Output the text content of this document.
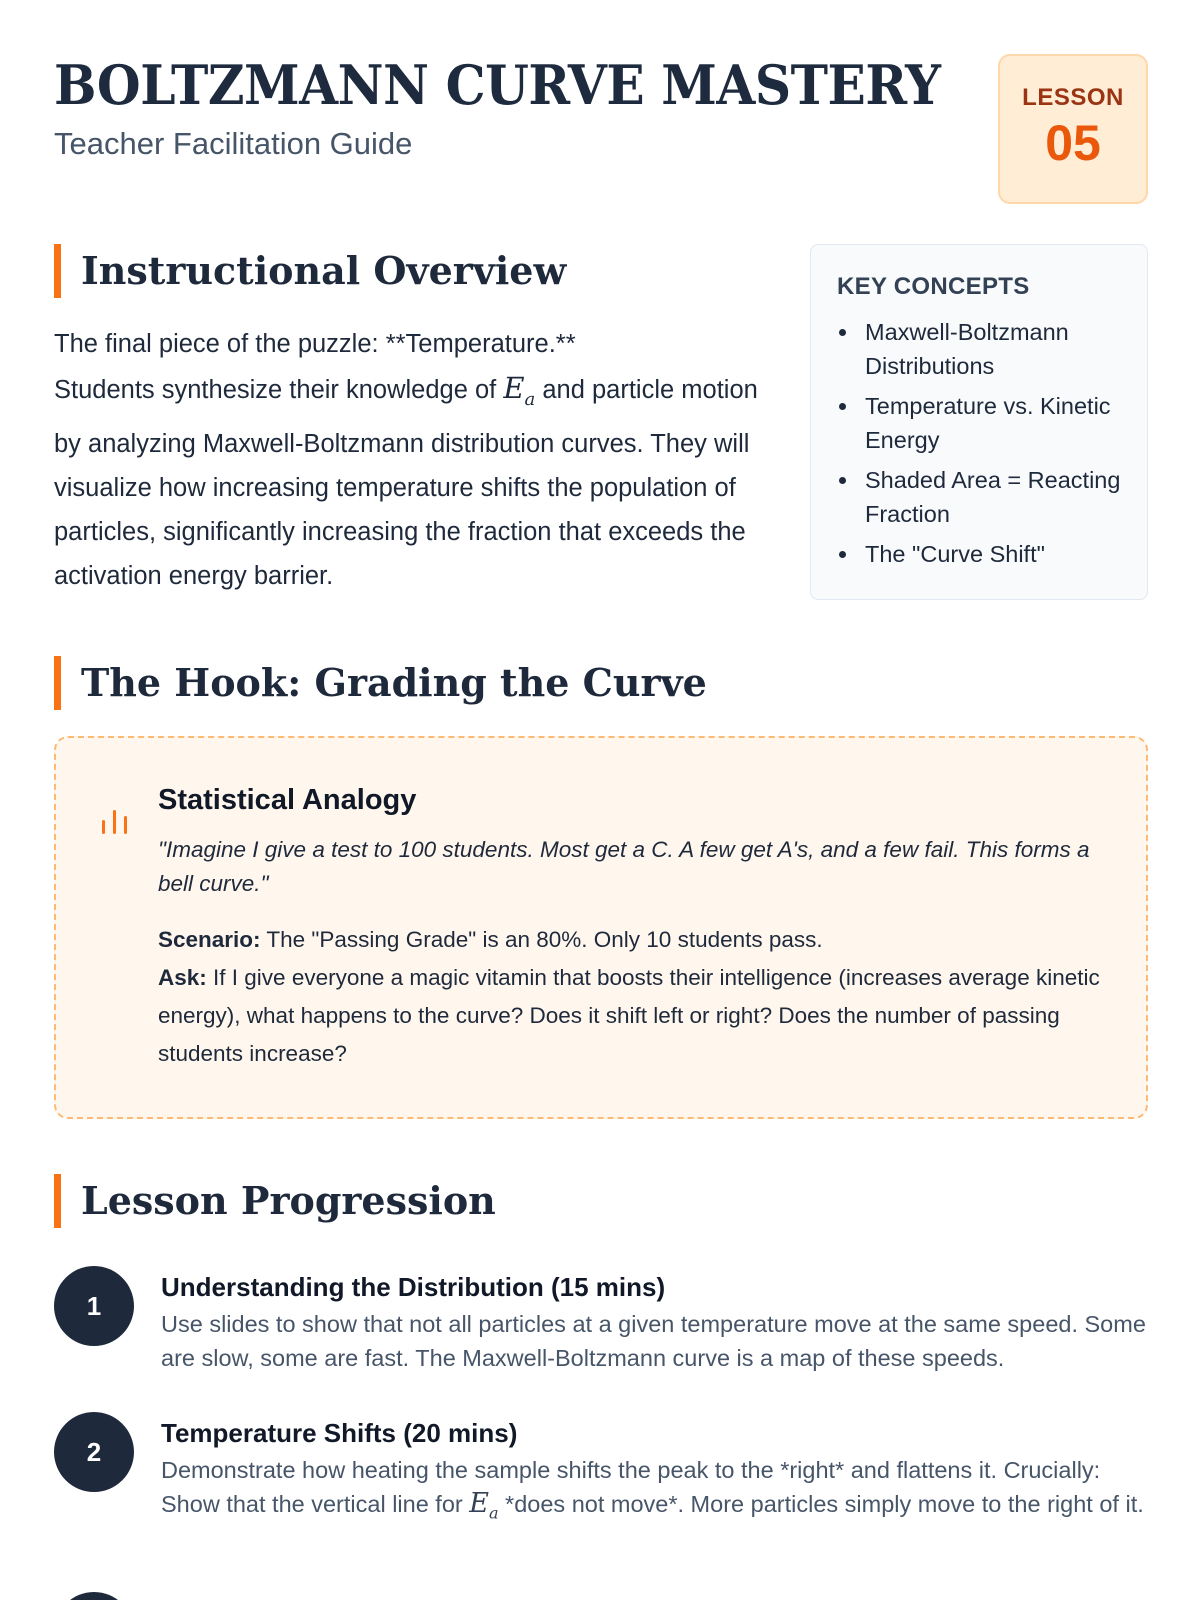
BOLTZMANN CURVE MASTERY
Teacher Facilitation Guide
LESSON
05
Instructional Overview
The final piece of the puzzle: **Temperature.**
Students synthesize their knowledge of $E_a$ and particle motion by analyzing Maxwell-Boltzmann distribution curves. They will visualize how increasing temperature shifts the population of particles, significantly increasing the fraction that exceeds the activation energy barrier.
KEY CONCEPTS
Maxwell-Boltzmann Distributions
Temperature vs. Kinetic Energy
Shaded Area = Reacting Fraction
The "Curve Shift"
The Hook: Grading the Curve
Statistical Analogy
"Imagine I give a test to 100 students. Most get a C. A few get A's, and a few fail. This forms a bell curve."
Scenario: The "Passing Grade" is an 80%. Only 10 students pass.
Ask: If I give everyone a magic vitamin that boosts their intelligence (increases average kinetic energy), what happens to the curve? Does it shift left or right? Does the number of passing students increase?
Lesson Progression
1
Understanding the Distribution (15 mins)
Use slides to show that not all particles at a given temperature move at the same speed. Some are slow, some are fast. The Maxwell-Boltzmann curve is a map of these speeds.
2
Temperature Shifts (20 mins)
Demonstrate how heating the sample shifts the peak to the *right* and flattens it. Crucially: Show that the vertical line for $E_a$ *does not move*. More particles simply move to the right of it.
